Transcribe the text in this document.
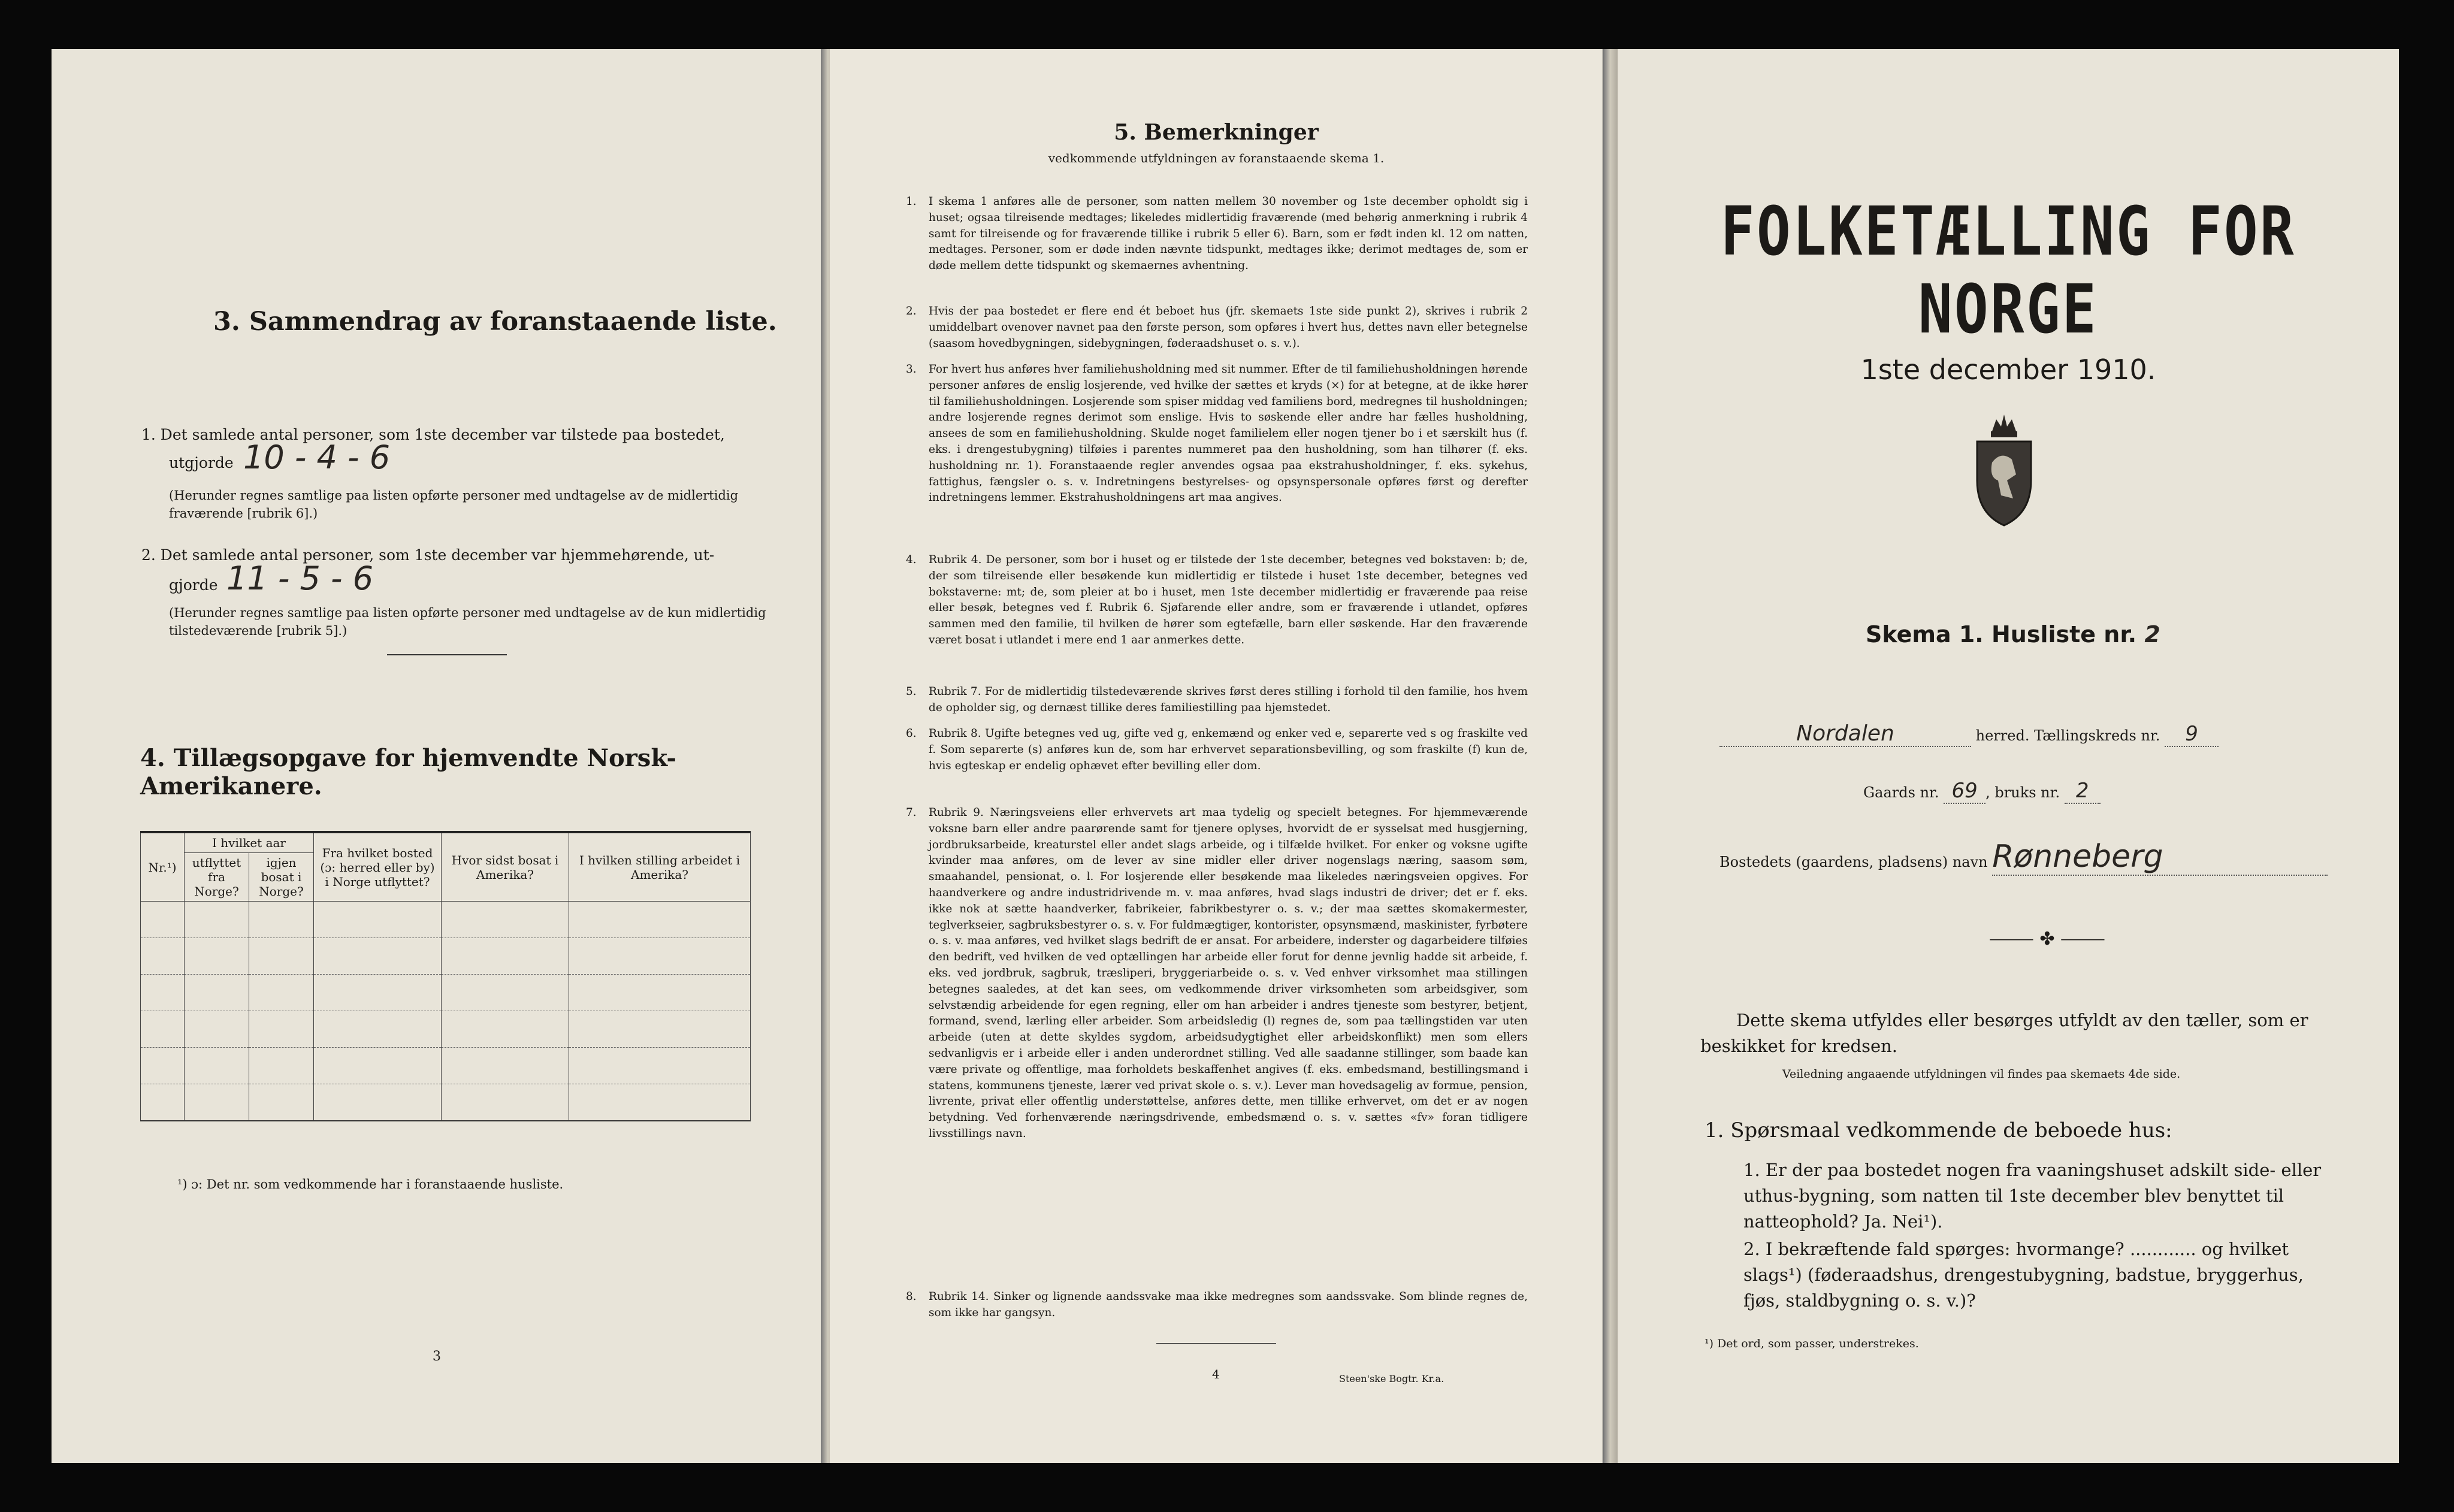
3. Sammendrag av foranstaaende liste.
1. Det samlede antal personer, som 1ste december var tilstede paa bostedet,
utgjorde 10 - 4 - 6
(Herunder regnes samtlige paa listen opførte personer med undtagelse av de midlertidig fraværende [rubrik 6].)
2. Det samlede antal personer, som 1ste december var hjemmehørende, ut-
gjorde 11 - 5 - 6
(Herunder regnes samtlige paa listen opførte personer med undtagelse av de kun midlertidig tilstedeværende [rubrik 5].)
4. Tillægsopgave for hjemvendte Norsk-Amerikanere.
Nr.¹)	I hvilket aar		Fra hvilket bosted (ɔ: herred eller by) i Norge utflyttet?	Hvor sidst bosat i Amerika?	I hvilken stilling arbeidet i Amerika?
	utflyttet fra Norge?	igjen bosat i Norge?			

¹) ɔ: Det nr. som vedkommende har i foranstaaende husliste.
3
5. Bemerkninger
vedkommende utfyldningen av foranstaaende skema 1.
1. I skema 1 anføres alle de personer, som natten mellem 30 november og 1ste december opholdt sig i huset; ogsaa tilreisende medtages; likeledes midlertidig fraværende (med behørig anmerkning i rubrik 4 samt for tilreisende og for fraværende tillike i rubrik 5 eller 6). Barn, som er født inden kl. 12 om natten, medtages. Personer, som er døde inden nævnte tidspunkt, medtages ikke; derimot medtages de, som er døde mellem dette tidspunkt og skemaernes avhentning.
2. Hvis der paa bostedet er flere end ét beboet hus (jfr. skemaets 1ste side punkt 2), skrives i rubrik 2 umiddelbart ovenover navnet paa den første person, som opføres i hvert hus, dettes navn eller betegnelse (saasom hovedbygningen, sidebygningen, føderaadshuset o. s. v.).
3. For hvert hus anføres hver familiehusholdning med sit nummer. Efter de til familiehusholdningen hørende personer anføres de enslig losjerende, ved hvilke der sættes et kryds (×) for at betegne, at de ikke hører til familiehusholdningen. Losjerende som spiser middag ved familiens bord, medregnes til husholdningen; andre losjerende regnes derimot som enslige. Hvis to søskende eller andre har fælles husholdning, ansees de som en familiehusholdning. Skulde noget familielem eller nogen tjener bo i et særskilt hus (f. eks. i drengestubygning) tilføies i parentes nummeret paa den husholdning, som han tilhører (f. eks. husholdning nr. 1). Foranstaaende regler anvendes ogsaa paa ekstrahusholdninger, f. eks. sykehus, fattighus, fængsler o. s. v. Indretningens bestyrelses- og opsynspersonale opføres først og derefter indretningens lemmer. Ekstrahusholdningens art maa angives.
4. Rubrik 4. De personer, som bor i huset og er tilstede der 1ste december, betegnes ved bokstaven: b; de, der som tilreisende eller besøkende kun midlertidig er tilstede i huset 1ste december, betegnes ved bokstaverne: mt; de, som pleier at bo i huset, men 1ste december midlertidig er fraværende paa reise eller besøk, betegnes ved f. Rubrik 6. Sjøfarende eller andre, som er fraværende i utlandet, opføres sammen med den familie, til hvilken de hører som egtefælle, barn eller søskende. Har den fraværende været bosat i utlandet i mere end 1 aar anmerkes dette.
5. Rubrik 7. For de midlertidig tilstedeværende skrives først deres stilling i forhold til den familie, hos hvem de opholder sig, og dernæst tillike deres familiestilling paa hjemstedet.
6. Rubrik 8. Ugifte betegnes ved ug, gifte ved g, enkemænd og enker ved e, separerte ved s og fraskilte ved f. Som separerte (s) anføres kun de, som har erhvervet separationsbevilling, og som fraskilte (f) kun de, hvis egteskap er endelig ophævet efter bevilling eller dom.
7. Rubrik 9. Næringsveiens eller erhvervets art maa tydelig og specielt betegnes. For hjemmeværende voksne barn eller andre paarørende samt for tjenere oplyses, hvorvidt de er sysselsat med husgjerning, jordbruksarbeide, kreaturstel eller andet slags arbeide, og i tilfælde hvilket. For enker og voksne ugifte kvinder maa anføres, om de lever av sine midler eller driver nogenslags næring, saasom søm, smaahandel, pensionat, o. l. For losjerende eller besøkende maa likeledes næringsveien opgives. For haandverkere og andre industridrivende m. v. maa anføres, hvad slags industri de driver; det er f. eks. ikke nok at sætte haandverker, fabrikeier, fabrikbestyrer o. s. v.; der maa sættes skomakermester, teglverkseier, sagbruksbestyrer o. s. v. For fuldmægtiger, kontorister, opsynsmænd, maskinister, fyrbøtere o. s. v. maa anføres, ved hvilket slags bedrift de er ansat. For arbeidere, inderster og dagarbeidere tilføies den bedrift, ved hvilken de ved optællingen har arbeide eller forut for denne jevnlig hadde sit arbeide, f. eks. ved jordbruk, sagbruk, træsliperi, bryggeriarbeide o. s. v. Ved enhver virksomhet maa stillingen betegnes saaledes, at det kan sees, om vedkommende driver virksomheten som arbeidsgiver, som selvstændig arbeidende for egen regning, eller om han arbeider i andres tjeneste som bestyrer, betjent, formand, svend, lærling eller arbeider. Som arbeidsledig (l) regnes de, som paa tællingstiden var uten arbeide (uten at dette skyldes sygdom, arbeidsudygtighet eller arbeidskonflikt) men som ellers sedvanligvis er i arbeide eller i anden underordnet stilling. Ved alle saadanne stillinger, som baade kan være private og offentlige, maa forholdets beskaffenhet angives (f. eks. embedsmand, bestillingsmand i statens, kommunens tjeneste, lærer ved privat skole o. s. v.). Lever man hovedsagelig av formue, pension, livrente, privat eller offentlig understøttelse, anføres dette, men tillike erhvervet, om det er av nogen betydning. Ved forhenværende næringsdrivende, embedsmænd o. s. v. sættes «fv» foran tidligere livsstillings navn.
8. Rubrik 14. Sinker og lignende aandssvake maa ikke medregnes som aandssvake. Som blinde regnes de, som ikke har gangsyn.
4	Steen'ske Bogtr. Kr.a.
FOLKETÆLLING FOR NORGE
1ste december 1910.
Skema 1. Husliste nr. 2
Nordalen	herred. Tællingskreds nr. 9
Gaards nr. 69 , bruks nr. 2
Bostedets (gaardens, pladsens) navn Rønneberg
⸻ ✤ ⸻
Dette skema utfyldes eller besørges utfyldt av den tæller, som er beskikket for kredsen.
Veiledning angaaende utfyldningen vil findes paa skemaets 4de side.
1. Spørsmaal vedkommende de beboede hus:
1. Er der paa bostedet nogen fra vaaningshuset adskilt side- eller uthus-bygning, som natten til 1ste december blev benyttet til natteophold? Ja. Nei¹).
2. I bekræftende fald spørges: hvormange? ............ og hvilket slags¹) (føderaadshus, drengestubygning, badstue, bryggerhus, fjøs, staldbygning o. s. v.)?
¹) Det ord, som passer, understrekes.
